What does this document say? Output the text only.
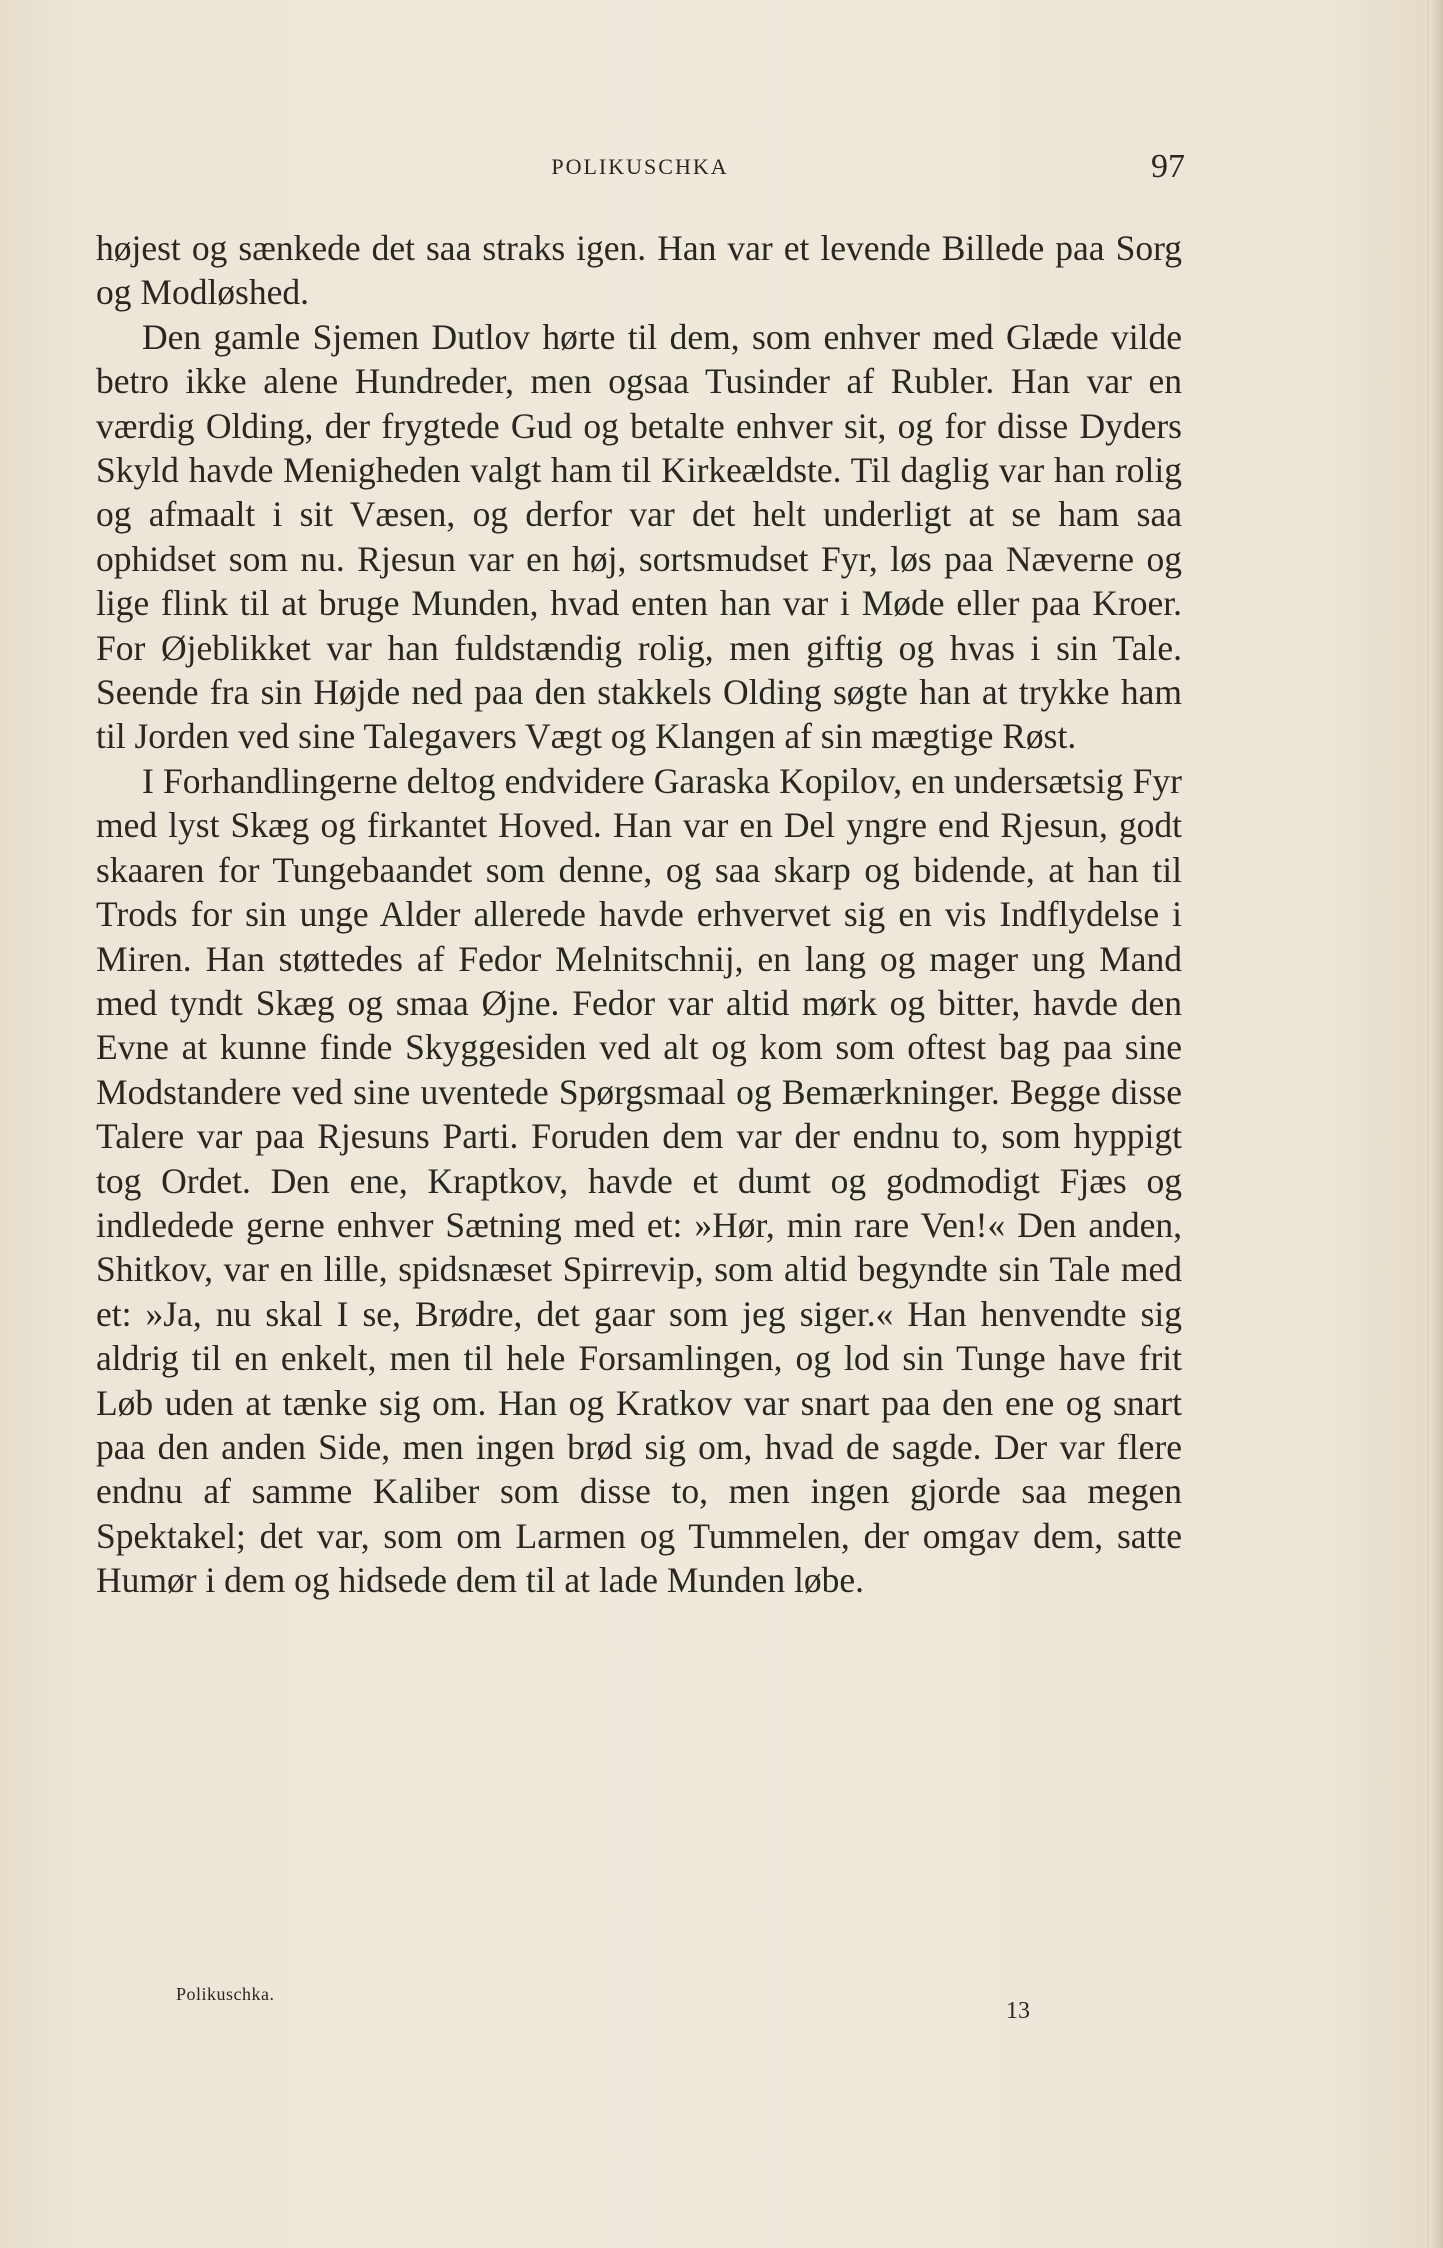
POLIKUSCHKA	97

højest og sænkede det saa straks igen. Han var et levende Billede paa Sorg og Modløshed.

Den gamle Sjemen Dutlov hørte til dem, som enhver med Glæde vilde betro ikke alene Hundreder, men ogsaa Tusinder af Rubler. Han var en værdig Olding, der frygtede Gud og betalte enhver sit, og for disse Dyders Skyld havde Menigheden valgt ham til Kirkeældste. Til daglig var han rolig og afmaalt i sit Væsen, og derfor var det helt underligt at se ham saa ophidset som nu. Rjesun var en høj, sortsmudset Fyr, løs paa Næverne og lige flink til at bruge Munden, hvad enten han var i Møde eller paa Kroer. For Øjeblikket var han fuldstændig rolig, men giftig og hvas i sin Tale. Seende fra sin Højde ned paa den stakkels Olding søgte han at trykke ham til Jorden ved sine Talegavers Vægt og Klangen af sin mægtige Røst.

I Forhandlingerne deltog endvidere Garaska Kopilov, en undersætsig Fyr med lyst Skæg og firkantet Hoved. Han var en Del yngre end Rjesun, godt skaaren for Tungebaandet som denne, og saa skarp og bidende, at han til Trods for sin unge Alder allerede havde erhvervet sig en vis Indflydelse i Miren. Han støttedes af Fedor Melnitschnij, en lang og mager ung Mand med tyndt Skæg og smaa Øjne. Fedor var altid mørk og bitter, havde den Evne at kunne finde Skyggesiden ved alt og kom som oftest bag paa sine Modstandere ved sine uventede Spørgsmaal og Bemærkninger. Begge disse Talere var paa Rjesuns Parti. Foruden dem var der endnu to, som hyppigt tog Ordet. Den ene, Kraptkov, havde et dumt og godmodigt Fjæs og indledede gerne enhver Sætning med et: »Hør, min rare Ven!« Den anden, Shitkov, var en lille, spidsnæset Spirrevip, som altid begyndte sin Tale med et: »Ja, nu skal I se, Brødre, det gaar som jeg siger.« Han henvendte sig aldrig til en enkelt, men til hele Forsamlingen, og lod sin Tunge have frit Løb uden at tænke sig om. Han og Kratkov var snart paa den ene og snart paa den anden Side, men ingen brød sig om, hvad de sagde. Der var flere endnu af samme Kaliber som disse to, men ingen gjorde saa megen Spektakel; det var, som om Larmen og Tummelen, der omgav dem, satte Humør i dem og hidsede dem til at lade Munden løbe.

Polikuschka.
13
